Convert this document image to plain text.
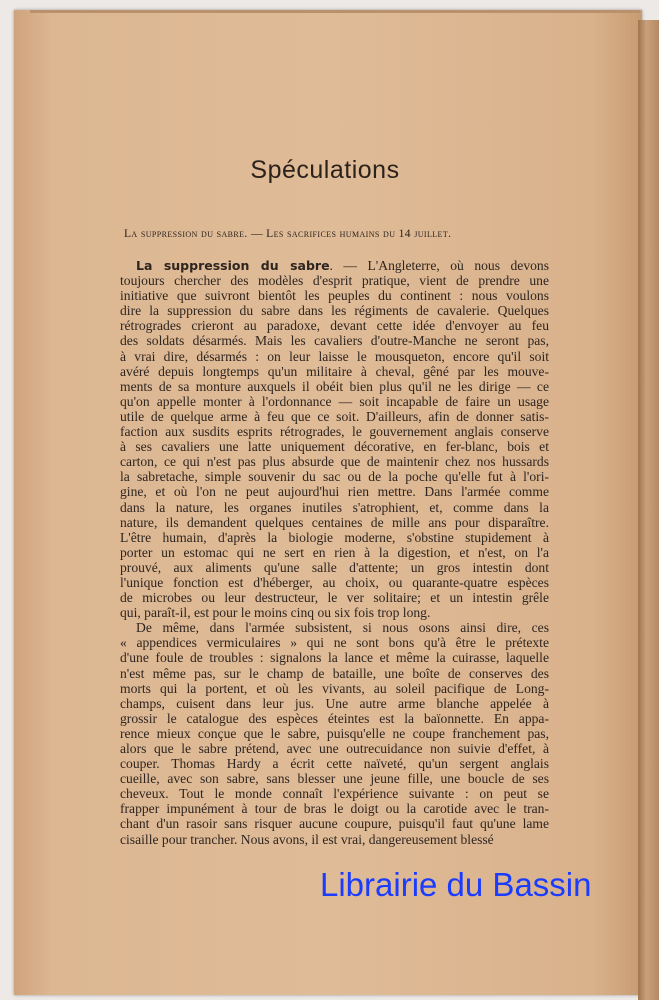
Spéculations
La suppression du sabre. — Les sacrifices humains du 14 juillet.
La suppression du sabre. — L'Angleterre, où nous devons
toujours chercher des modèles d'esprit pratique, vient de prendre une
initiative que suivront bientôt les peuples du continent : nous voulons
dire la suppression du sabre dans les régiments de cavalerie. Quelques
rétrogrades crieront au paradoxe, devant cette idée d'envoyer au feu
des soldats désarmés. Mais les cavaliers d'outre-Manche ne seront pas,
à vrai dire, désarmés : on leur laisse le mousqueton, encore qu'il soit
avéré depuis longtemps qu'un militaire à cheval, gêné par les mouve-
ments de sa monture auxquels il obéit bien plus qu'il ne les dirige — ce
qu'on appelle monter à l'ordonnance — soit incapable de faire un usage
utile de quelque arme à feu que ce soit. D'ailleurs, afin de donner satis-
faction aux susdits esprits rétrogrades, le gouvernement anglais conserve
à ses cavaliers une latte uniquement décorative, en fer-blanc, bois et
carton, ce qui n'est pas plus absurde que de maintenir chez nos hussards
la sabretache, simple souvenir du sac ou de la poche qu'elle fut à l'ori-
gine, et où l'on ne peut aujourd'hui rien mettre. Dans l'armée comme
dans la nature, les organes inutiles s'atrophient, et, comme dans la
nature, ils demandent quelques centaines de mille ans pour disparaître.
L'être humain, d'après la biologie moderne, s'obstine stupidement à
porter un estomac qui ne sert en rien à la digestion, et n'est, on l'a
prouvé, aux aliments qu'une salle d'attente; un gros intestin dont
l'unique fonction est d'héberger, au choix, ou quarante-quatre espèces
de microbes ou leur destructeur, le ver solitaire; et un intestin grêle
qui, paraît-il, est pour le moins cinq ou six fois trop long.
De même, dans l'armée subsistent, si nous osons ainsi dire, ces
« appendices vermiculaires » qui ne sont bons qu'à être le prétexte
d'une foule de troubles : signalons la lance et même la cuirasse, laquelle
n'est même pas, sur le champ de bataille, une boîte de conserves des
morts qui la portent, et où les vivants, au soleil pacifique de Long-
champs, cuisent dans leur jus. Une autre arme blanche appelée à
grossir le catalogue des espèces éteintes est la baïonnette. En appa-
rence mieux conçue que le sabre, puisqu'elle ne coupe franchement pas,
alors que le sabre prétend, avec une outrecuidance non suivie d'effet, à
couper. Thomas Hardy a écrit cette naïveté, qu'un sergent anglais
cueille, avec son sabre, sans blesser une jeune fille, une boucle de ses
cheveux. Tout le monde connaît l'expérience suivante : on peut se
frapper impunément à tour de bras le doigt ou la carotide avec le tran-
chant d'un rasoir sans risquer aucune coupure, puisqu'il faut qu'une lame
cisaille pour trancher. Nous avons, il est vrai, dangereusement blessé
Librairie du Bassin
